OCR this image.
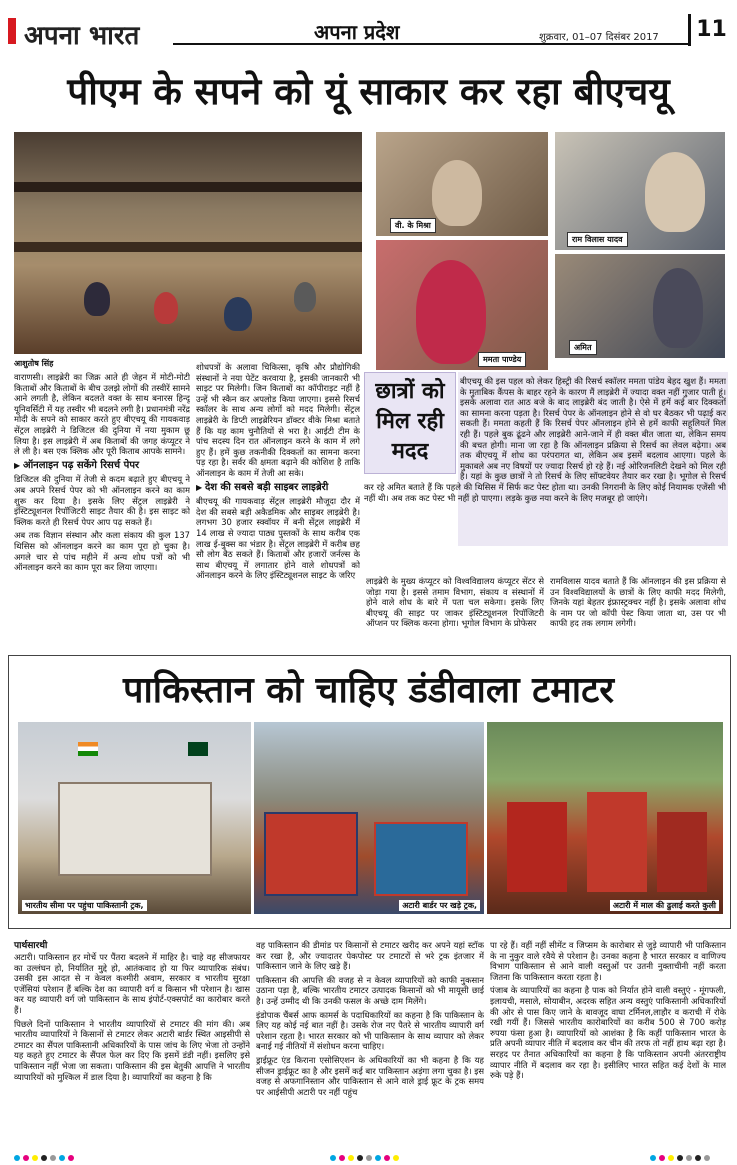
अपना भारत	अपना प्रदेश	शुक्रवार, 01–07 दिसंबर 2017	11
पीएम के सपने को यूं साकार कर रहा बीएचयू
आशुतोष सिंह
वी. के मिश्रा
राम विलास यादव
ममता पाण्डेय
अमित

वाराणसी। लाइब्रेरी का जिक्र आते ही जेहन में मोटी-मोटी किताबों और किताबों के बीच उलझे लोगों की तस्वीरें सामने आने लगती है, लेकिन बदलते वक्त के साथ बनारस हिन्दू यूनिवर्सिटी में यह तस्वीर भी बदलने लगी है। प्रधानमंत्री नरेंद्र मोदी के सपने को साकार करते हुए बीएचयू की गायकवाड़ सेंट्रल लाइब्रेरी ने डिजिटल की दुनिया में नया मुकाम छू लिया है। इस लाइब्रेरी में अब किताबों की जगह कंप्यूटर ने ले ली है। बस एक क्लिक और पूरी किताब आपके सामने।

▶ ऑनलाइन पढ़ सकेंगे रिसर्च पेपर

डिजिटल की दुनिया में तेजी से कदम बढ़ाते हुए बीएचयू ने अब अपने रिसर्च पेपर को भी ऑनलाइन करने का काम शुरू कर दिया है। इसके लिए सेंट्रल लाइब्रेरी ने इंस्टिट्यूशनल रिपॉजिटरी साइट तैयार की है। इस साइट को क्लिक करते ही रिसर्च पेपर आप पढ़ सकते हैं।

अब तक विज्ञान संस्थान और कला संकाय की कुल 137 थिसिस को ऑनलाइन करने का काम पूरा हो चुका है। अगले चार से पांच महीने में अन्य शोध पत्रों को भी ऑनलाइन करने का काम पूरा कर लिया जाएगा।

शोधपत्रों के अलावा चिकित्सा, कृषि और प्रौद्योगिकी संस्थानों ने नया पेटेंट करवाया है, इसकी जानकारी भी साइट पर मिलेगी। जिन किताबों का कॉपीराइट नहीं है उन्हें भी स्कैन कर अपलोड किया जाएगा। इससे रिसर्च स्कॉलर के साथ अन्य लोगों को मदद मिलेगी। सेंट्रल लाइब्रेरी के डिप्टी लाइब्रेरियन डॉक्टर वीके मिश्रा बताते हैं कि यह काम चुनौतियों से भरा है। आईटी टीम के पांच सदस्य दिन रात ऑनलाइन करने के काम में लगे हुए हैं। हमें कुछ तकनीकी दिक्कतों का सामना करना पड़ रहा है। सर्वर की क्षमता बढ़ाने की कोशिश है ताकि ऑनलाइन के काम में तेजी आ सके।

▶ देश की सबसे बड़ी साइबर लाइब्रेरी

बीएचयू की गायकवाड़ सेंट्रल लाइब्रेरी मौजूदा दौर में देश की सबसे बड़ी अकैडमिक और साइबर लाइब्रेरी है। लगभग 30 हजार स्क्वॉयर में बनी सेंट्रल लाइब्रेरी में 14 लाख से ज्यादा पाठ्य पुस्तकों के साथ करीब एक लाख ई-बुक्स का भंडार है। सेंट्रल लाइब्रेरी में करीब छह सौ लोग बैठ सकते हैं। किताबों और हजारों जर्नल्स के साथ बीएचयू में लगातार होने वाले शोधपत्रों को ऑनलाइन करने के लिए इंस्टिट्यूशनल साइट के जरिए

छात्रों को मिल रही मदद

बीएचयू की इस पहल को लेकर हिस्ट्री की रिसर्च स्कॉलर ममता पांडेय बेहद खुश हैं। ममता के मुताबिक कैंपस के बाहर रहने के कारण मैं लाइब्रेरी में ज्यादा वक्त नहीं गुजार पाती हूं। इसके अलावा रात आठ बजे के बाद लाइब्रेरी बंद जाती है। ऐसे में हमें कई बार दिक्कतों का सामना करना पड़ता है। रिसर्च पेपर के ऑनलाइन होने से वो घर बैठकर भी पढ़ाई कर सकती हैं। ममता कहती हैं कि रिसर्च पेपर ऑनलाइन होने से हमें काफी सहूलियतें मिल रही हैं। पहले बुक ढूंढने और लाइब्रेरी आने-जाने में ही वक्त बीत जाता था, लेकिन समय की बचत होगी। माना जा रहा है कि ऑनलाइन प्रक्रिया से रिसर्च का लेवल बढ़ेगा। अब तक बीएचयू में शोध का परंपरागत था, लेकिन अब इसमें बदलाव आएगा। पहले के मुकाबले अब नए विषयों पर ज्यादा रिसर्च हो रहे हैं। नई ओरिजनलिटी देखने को मिल रही है। यहां के कुछ छात्रों ने तो रिसर्च के लिए सॉफ्टवेयर तैयार कर रखा है। भूगोल से रिसर्च कर रहे अमित बताते हैं कि पहले की थिसिस में सिर्फ कट पेस्ट होता था। उनकी निगरानी के लिए कोई नियामक एजेंसी भी नहीं थी। अब तक कट पेस्ट भी नहीं हो पाएगा। लड़के कुछ नया करने के लिए मजबूर हो जाएंगे।

लाइब्रेरी के मुख्य कंप्यूटर को विश्वविद्यालय कंप्यूटर सेंटर से जोड़ा गया है। इससे तमाम विभाग, संकाय व संस्थानों में होने वाले शोध के बारे में पता चल सकेगा। इसके लिए बीएचयू की साइट पर जाकर इंस्टिट्यूशनल रिपॉजिटरी ऑप्शन पर क्लिक करना होगा। भूगोल विभाग के प्रोफेसर

रामविलास यादव बताते हैं कि ऑनलाइन की इस प्रक्रिया से उन विश्वविद्यालयों के छात्रों के लिए काफी मदद मिलेगी, जिनके यहां बेहतर इंफ्रास्ट्रक्चर नहीं है। इसके अलावा शोध के नाम पर जो कॉपी पेस्ट किया जाता था, उस पर भी काफी हद तक लगाम लगेगी।

पाकिस्तान को चाहिए डंडीवाला टमाटर
भारतीय सीमा पर पहुंचा पाकिस्तानी ट्रक,	अटारी बार्डर पर खड़े ट्रक,	अटारी में माल की ढुलाई करते कुली
पार्थसारथी

अटारी। पाकिस्तान हर मोर्चे पर पैंतरा बदलने में माहिर है। चाहे वह सीजफायर का उल्लंघन हो, निर्यातित मुद्दे हो, आतंकवाद हो या फिर व्यापारिक संबंध। उसकी इस आदत से न केवल कश्मीरी अवाम, सरकार व भारतीय सुरक्षा एजेंसियां परेशान हैं बल्कि देश का व्यापारी वर्ग व किसान भी परेशान है। खास कर यह व्यापारी वर्ग जो पाकिस्तान के साथ इंपोर्ट-एक्सपोर्ट का कारोबार करते हैं।

पिछले दिनों पाकिस्तान ने भारतीय व्यापारियों से टमाटर की मांग की। अब भारतीय व्यापारियों ने किसानों से टमाटर लेकर अटारी बार्डर स्थित आइसीपी से टमाटर का सैंपल पाकिस्तानी अधिकारियों के पास जांच के लिए भेजा तो उन्होंने यह कहते हुए टमाटर के सैंपल फेल कर दिए कि इसमें डंडी नहीं। इसलिए इसे पाकिस्तान नहीं भेजा जा सकता। पाकिस्तान की इस बेतुकी आपत्ति ने भारतीय व्यापारियों को मुश्किल में डाल दिया है। व्यापारियों का कहना है कि

वह पाकिस्तान की डीमांड पर किसानों से टमाटर खरीद कर अपने यहां स्टॉक कर रखा है, और ज्यादातर पेकपोस्ट पर टमाटरों से भरे ट्रक इंतजार में पाकिस्तान जाने के लिए खड़े हैं।

पाकिस्तान की आपत्ति की वजह से न केवल व्यापारियों को काफी नुकसान उठाना पड़ा है, बल्कि भारतीय टमाटर उत्पादक किसानों को भी मायूसी छाई है। उन्हें उम्मीद थी कि उनकी फसल के अच्छे दाम मिलेंगे।

इंडोपाक चैंबर्स आफ कामर्स के पदाधिकारियों का कहना है कि पाकिस्तान के लिए यह कोई नई बात नहीं है। उसके रोज नए पैतरे से भारतीय व्यापारी वर्ग परेशान रहता है। भारत सरकार को भी पाकिस्तान के साथ व्यापार को लेकर बनाई गई नीतियों में संशोधन करना चाहिए।

ड्राईफ्रूट एंड किराना एसोसिएशन के अधिकारियों का भी कहना है कि यह सीजन ड्राईफ्रूट का है और इसमें कई बार पाकिस्तान अड़ंगा लगा चुका है। इस वजह से अफगानिस्तान और पाकिस्तान से आने वाले ड्राई फ्रूट के ट्रक समय पर आईसीपी अटारी पर नहीं पहुंच

पा रहे हैं। वहीं नहीं सीमेंट व जिप्सम के कारोबार से जुड़े व्यापारी भी पाकिस्तान के ना नुकुर वाले रवैये से परेशान है। उनका कहना है भारत सरकार व वाणिज्य विभाग पाकिस्तान से आने वाली वस्तुओं पर उतनी नुक्ताचीनी नहीं करता जितना कि पाकिस्तान करता रहता है।

पंजाब के व्यापारियों का कहना है पाक को निर्यात होने वाली वस्तुएं - मूंगफली, इलायची, मसाले, सोयाबीन, अदरक सहित अन्य वस्तुएं पाकिस्तानी अधिकारियों की ओर से पास किए जाने के बावजूद वाघा टर्मिनल,लाहौर व कराची में रोके रखी गयीं हैं। जिससे भारतीय कारोबारियों का करीब 500 से 700 करोड़ रुपया फंसा हुआ है। व्यापारियों को आशंका है कि कहीं पाकिस्तान भारत के प्रति अपनी व्यापार नीति में बदलाव कर चीन की तरफ तो नहीं हाथ बढ़ा रहा है। सरहद पर तैनात अधिकारियों का कहना है कि पाकिस्तान अपनी अंतरराष्ट्रीय व्यापार नीति में बदलाव कर रहा है। इसीलिए भारत सहित कई देशों के माल रुके पड़े हैं।
